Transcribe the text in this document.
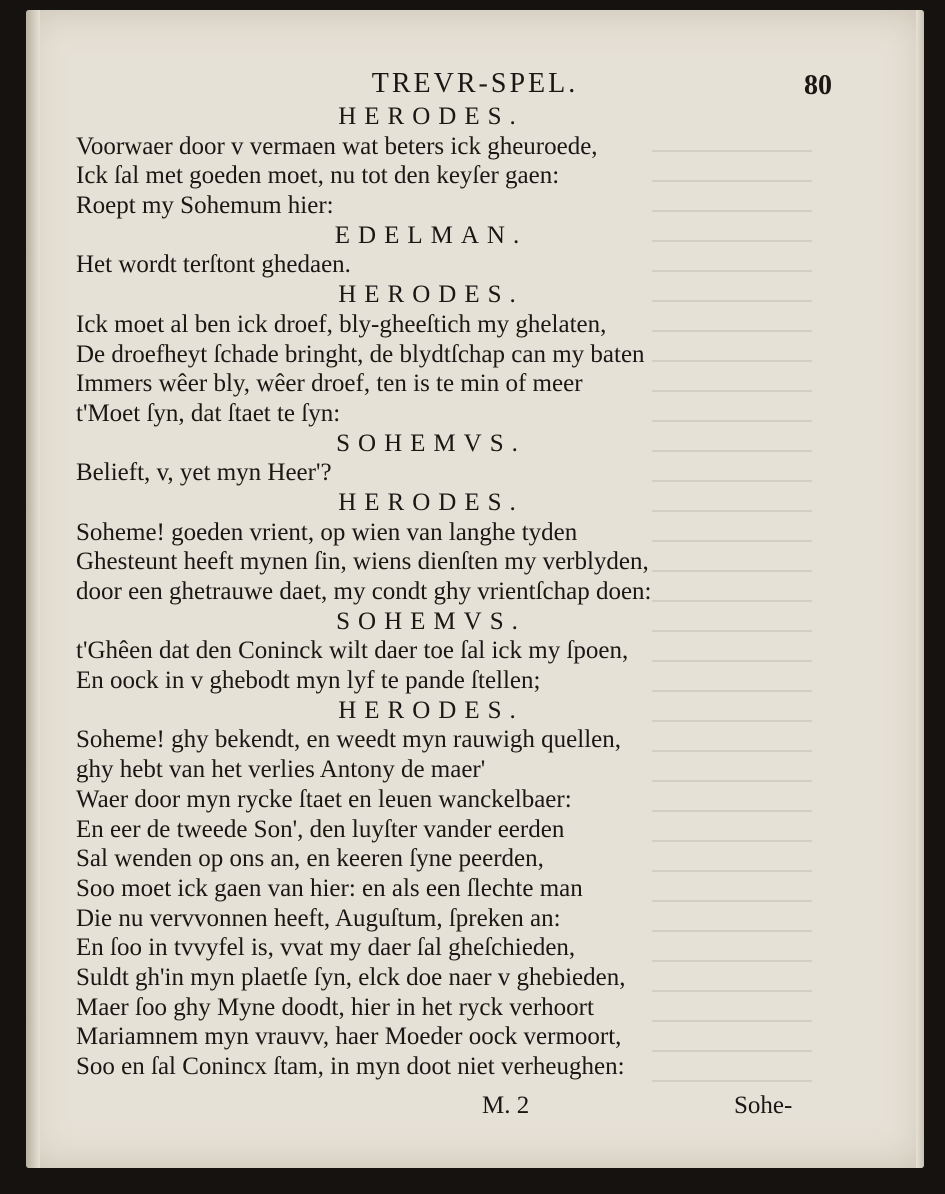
TREVR-SPEL.	80
HERODES.
Voorwaer door v vermaen wat beters ick gheuroede,
Ick ſal met goeden moet, nu tot den keyſer gaen:
Roept my Sohemum hier:
EDELMAN.
Het wordt terſtont ghedaen.
HERODES.
Ick moet al ben ick droef, bly-gheeſtich my ghelaten,
De droefheyt ſchade bringht, de blydtſchap can my baten
Immers wêer bly, wêer droef, ten is te min of meer
t'Moet ſyn, dat ſtaet te ſyn:
SOHEMVS.
Belieft, v, yet myn Heer'?
HERODES.
Soheme! goeden vrient, op wien van langhe tyden
Ghesteunt heeft mynen ſin, wiens dienſten my verblyden,
door een ghetrauwe daet, my condt ghy vrientſchap doen:
SOHEMVS.
t'Ghêen dat den Coninck wilt daer toe ſal ick my ſpoen,
En oock in v ghebodt myn lyf te pande ſtellen;
HERODES.
Soheme! ghy bekendt, en weedt myn rauwigh quellen,
ghy hebt van het verlies Antony de maer'
Waer door myn rycke ſtaet en leuen wanckelbaer:
En eer de tweede Son', den luyſter vander eerden
Sal wenden op ons an, en keeren ſyne peerden,
Soo moet ick gaen van hier: en als een ſlechte man
Die nu vervvonnen heeft, Auguſtum, ſpreken an:
En ſoo in tvvyfel is, vvat my daer ſal gheſchieden,
Suldt gh'in myn plaetſe ſyn, elck doe naer v ghebieden,
Maer ſoo ghy Myne doodt, hier in het ryck verhoort
Mariamnem myn vrauvv, haer Moeder oock vermoort,
Soo en ſal Conincx ſtam, in myn doot niet verheughen:
M. 2	Sohe-
